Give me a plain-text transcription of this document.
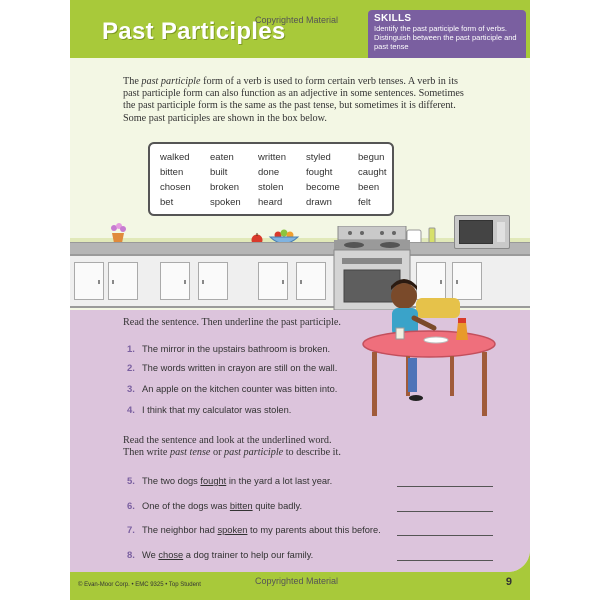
Past Participles
Copyrighted Material	SKILLS
Identify the past participle form of verbs.
Distinguish between the past participle and past tense

The past participle form of a verb is used to form certain verb tenses. A verb in its past participle form can also function as an adjective in some sentences. Sometimes the past participle form is the same as the past tense, but sometimes it is different. Some past participles are shown in the box below.

walked eaten	written styled	begun
bitten	built	done	fought	caught
chosen broken stolen become been
bet	spoken heard drawn	felt
Read the sentence. Then underline the past participle.
1. The mirror in the upstairs bathroom is broken.
2. The words written in crayon are still on the wall.
3. An apple on the kitchen counter was bitten into.
4. I think that my calculator was stolen.
Read the sentence and look at the underlined word.
Then write past tense or past participle to describe it.
5. The two dogs fought in the yard a lot last year.
6. One of the dogs was bitten quite badly.
7. The neighbor had spoken to my parents about this before.
8. We chose a dog trainer to help our family.
© Evan-Moor Corp. • EMC 9325 • Top Student	Copyrighted Material	9
